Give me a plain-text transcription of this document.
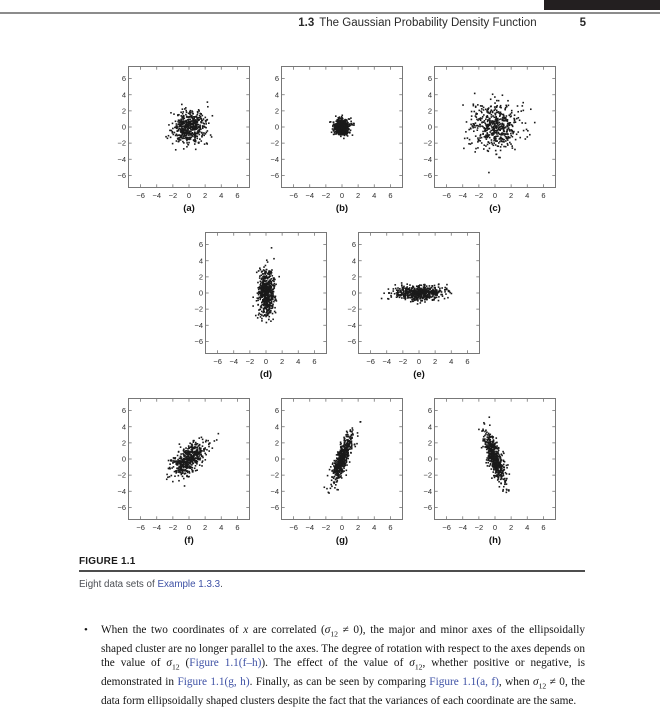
1.3 The Gaussian Probability Density Function	5
−6
−6
−4
−4
−2
−2
0
0
2
2
4
4
6
6
(a)
−6
−6
−4
−4
−2
−2
0
0
2
2
4
4
6
6
(b)
−6
−6
−4
−4
−2
−2
0
0
2
2
4
4
6
6
(c)
−6
−6
−4
−4
−2
−2
0
0
2
2
4
4
6
6
(d)
−6
−6
−4
−4
−2
−2
0
0
2
2
4
4
6
6
(e)
−6
−6
−4
−4
−2
−2
0
0
2
2
4
4
6
6
(f)
−6
−6
−4
−4
−2
−2
0
0
2
2
4
4
6
6
(g)
−6
−6
−4
−4
−2
−2
0
0
2
2
4
4
6
6
(h)
FIGURE 1.1
Eight data sets of Example 1.3.3.
•	When the two coordinates of x are correlated $(\sigma_{12} \ne 0)$, the major and minor axes of the ellipsoidally shaped cluster are no longer parallel to the axes. The degree of rotation with respect to the axes depends on the value of $\sigma_{12}$ (Figure 1.1(f–h)). The effect of the value of $\sigma_{12}$, whether positive or negative, is demonstrated in Figure 1.1(g, h). Finally, as can be seen by comparing Figure 1.1(a, f), when $\sigma_{12} \ne 0$, the data form ellipsoidally shaped clusters despite the fact that the variances of each coordinate are the same.
